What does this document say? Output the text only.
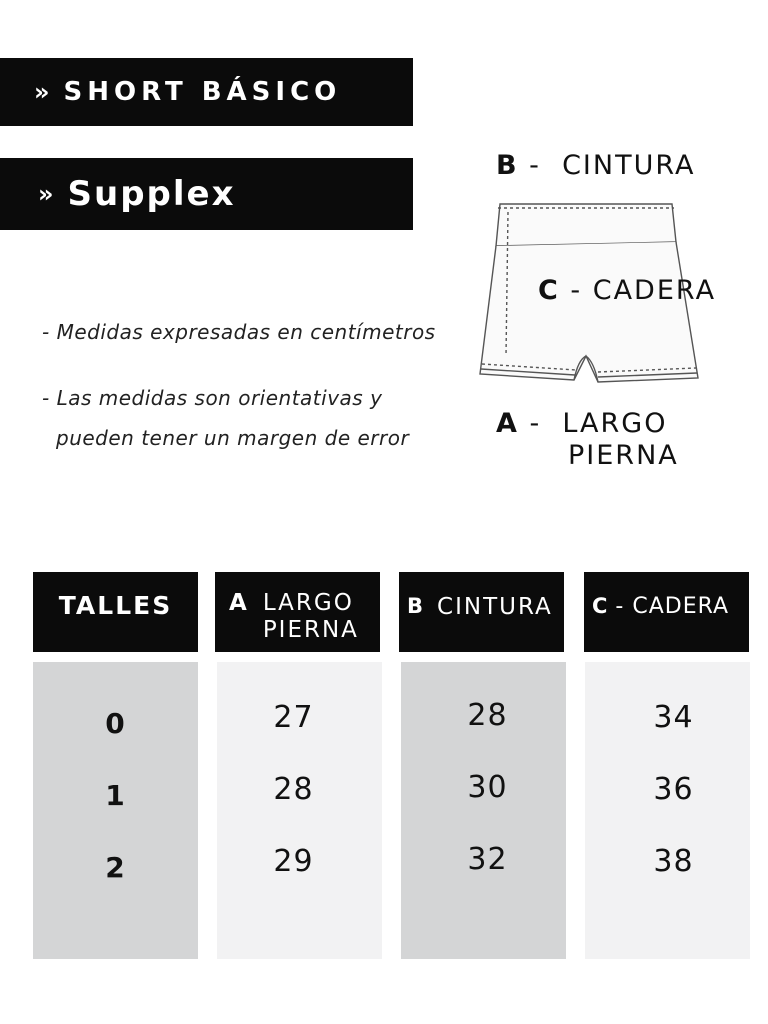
» SHORT BÁSICO
» Supplex
- Medidas expresadas en centímetros
- Las medidas son orientativas y
pueden tener un margen de error
B -  CINTURA
C - CADERA
A -  LARGO
PIERNA
TALLES A LARGO
PIERNA
B CINTURA C - CADERA
0
1
2
27
28
29
28
30
32
34
36
38
